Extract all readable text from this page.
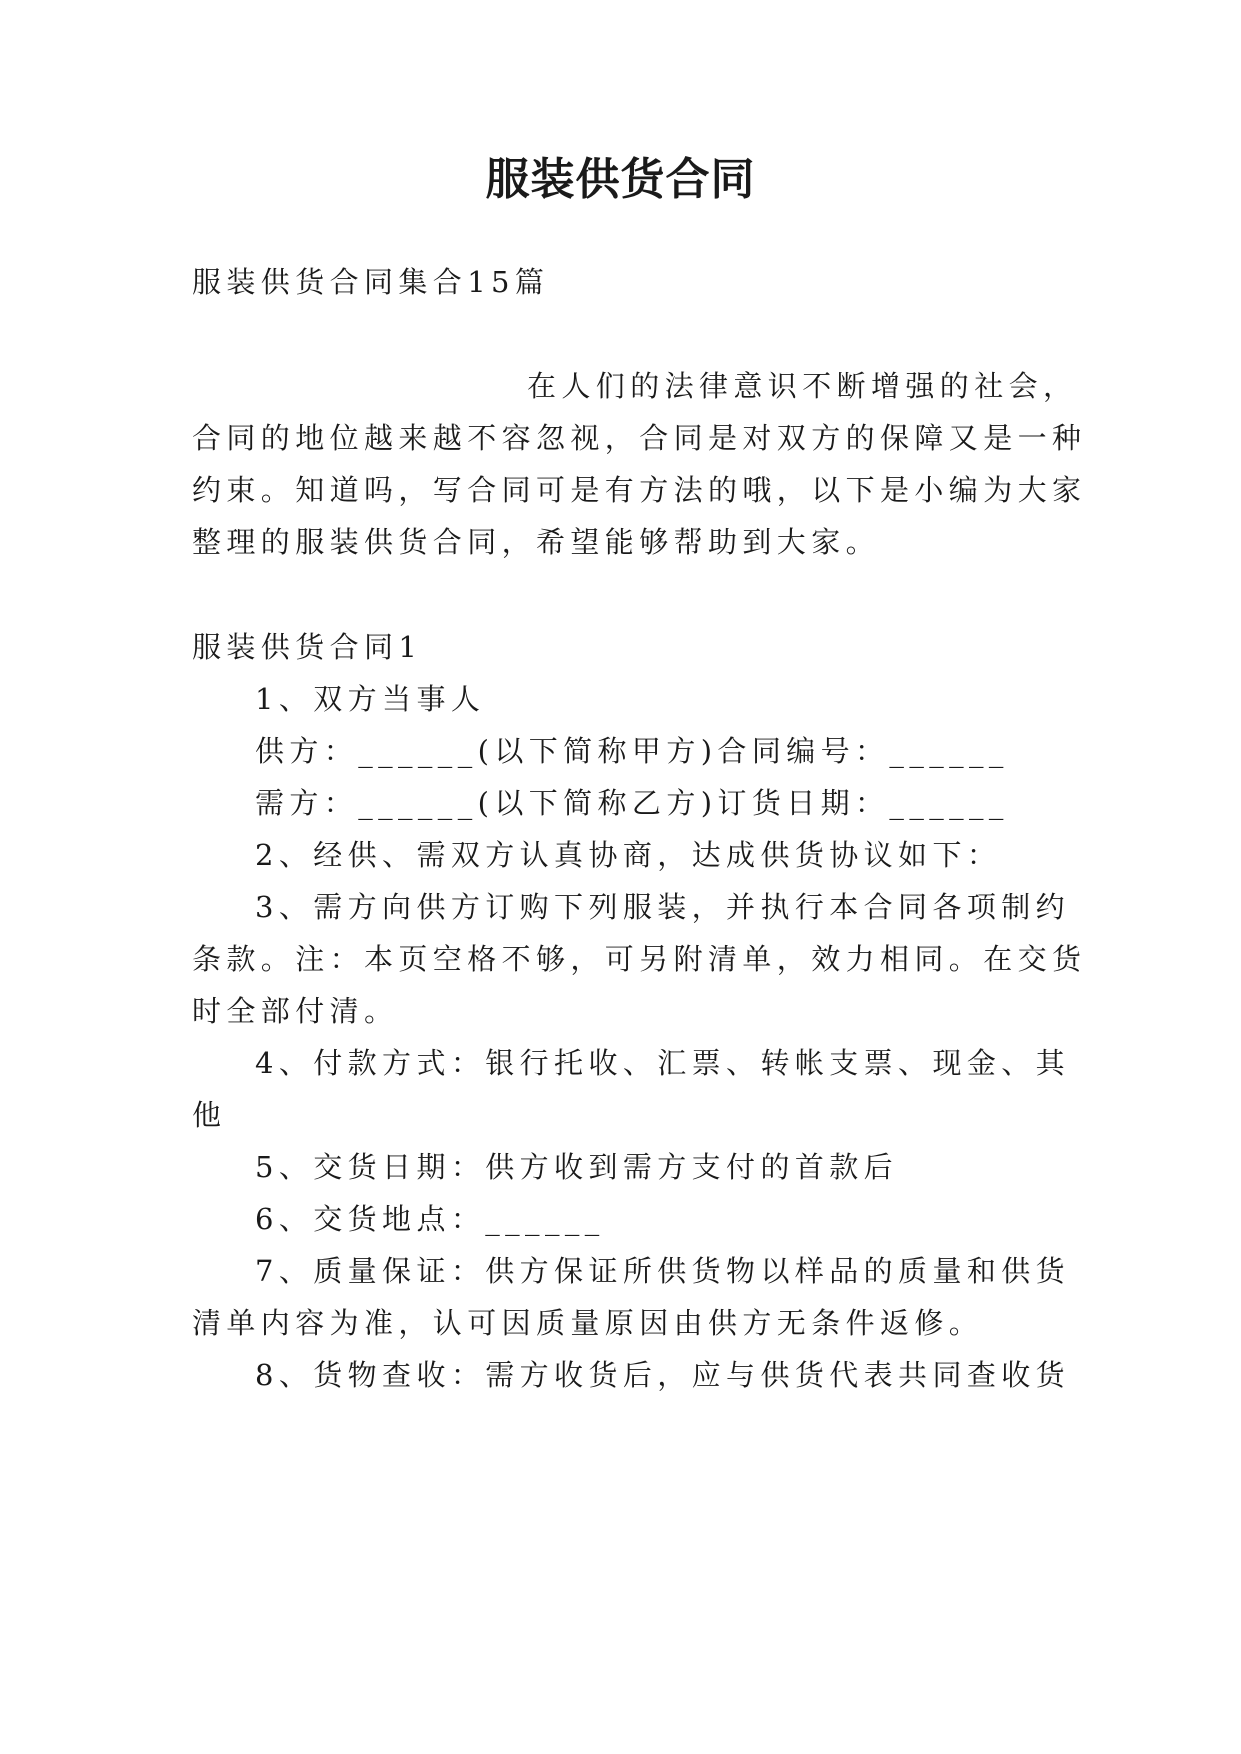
服装供货合同
服装供货合同集合15篇
在人们的法律意识不断增强的社会，
合同的地位越来越不容忽视，合同是对双方的保障又是一种
约束。知道吗，写合同可是有方法的哦，以下是小编为大家
整理的服装供货合同，希望能够帮助到大家。
服装供货合同1
1、双方当事人
供方：______(以下简称甲方)合同编号：______
需方：______(以下简称乙方)订货日期：______
2、经供、需双方认真协商，达成供货协议如下：
3、需方向供方订购下列服装，并执行本合同各项制约
条款。注：本页空格不够，可另附清单，效力相同。在交货
时全部付清。
4、付款方式：银行托收、汇票、转帐支票、现金、其
他
5、交货日期：供方收到需方支付的首款后
6、交货地点：______
7、质量保证：供方保证所供货物以样品的质量和供货
清单内容为准，认可因质量原因由供方无条件返修。
8、货物查收：需方收货后，应与供货代表共同查收货
